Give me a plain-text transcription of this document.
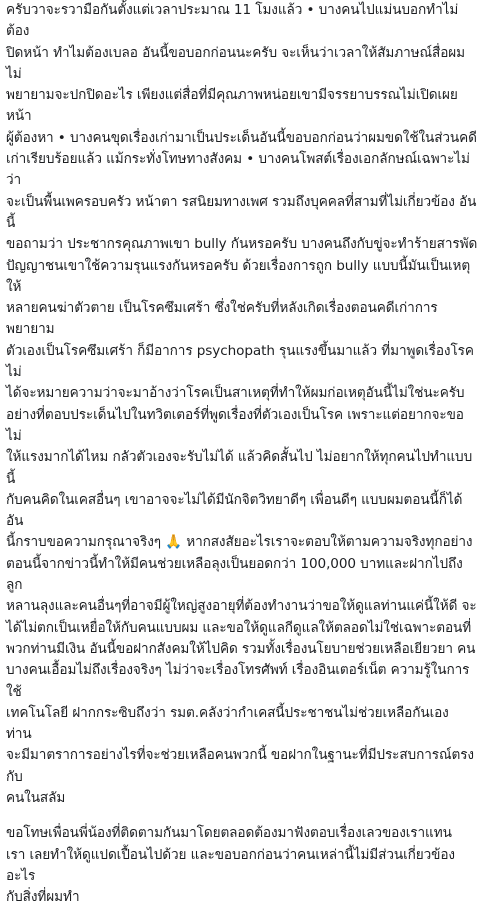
ครับวาจะรวามือกันตั้งแต่เวลาประมาณ 11 โมงแล้ว • บางคนไปแม่นบอกทำไม่ต้อง
ปิดหน้า ทำไมต้องเบลอ อันนี้ขอบอกก่อนนะครับ จะเห็นว่าเวลาให้สัมภาษณ์สื่อผมไม่
พยายามจะปกปิดอะไร เพียงแต่สื่อที่มีคุณภาพหน่อยเขามีจรรยาบรรณไม่เปิดเผยหน้า
ผู้ต้องหา • บางคนขุดเรื่องเก่ามาเป็นประเด็นอันนี้ขอบอกก่อนว่าผมขดใช้ในส่วนคดี
เก่าเรียบร้อยแล้ว แม้กระทั่งโทษทางสังคม • บางคนโพสต์เรื่องเอกลักษณ์เฉพาะไม่ว่า
จะเป็นพื้นเพครอบครัว หน้าตา รสนิยมทางเพศ รวมถึงบุคคลที่สามที่ไม่เกี่ยวข้อง อันนี้
ขอถามว่า ประชากรคุณภาพเขา bully กันหรอครับ บางคนถึงกับขู่จะทำร้ายสารพัด
ปัญญาชนเขาใช้ความรุนแรงกันหรอครับ ด้วยเรื่องการถูก bully แบบนี้มันเป็นเหตุให้
หลายคนฆ่าตัวตาย เป็นโรคซึมเศร้า ซึ่งใช่ครับที่หลังเกิดเรื่องตอนคดีเก่าการพยายาม
ตัวเองเป็นโรคซึมเศร้า ก็มีอาการ psychopath รุนแรงขึ้นมาแล้ว ที่มาพูดเรื่องโรคไม่
ได้จะหมายความว่าจะมาอ้างว่าโรคเป็นสาเหตุที่ทำให้ผมก่อเหตุอันนี้ไม่ใช่นะครับ
อย่างที่ตอบประเด็นไปในทวิตเตอร์ที่พูดเรื่องที่ตัวเองเป็นโรค เพราะแต่อยากจะขอไม่
ให้แรงมากได้ไหม กลัวตัวเองจะรับไม่ได้ แล้วคิดสั้นไป ไม่อยากให้ทุกคนไปทำแบบนี้
กับคนคิดในเคสอื่นๆ เขาอาจจะไม่ได้มีนักจิตวิทยาดีๆ เพื่อนดีๆ แบบผมตอนนี้ก็ได้ อัน
นี้กราบขอความกรุณาจริงๆ 🙏 หากสงสัยอะไรเราจะตอบให้ตามความจริงทุกอย่าง
ตอนนี้จากข่าวนี้ทำให้มีคนช่วยเหลือลุงเป็นยอดกว่า 100,000 บาทและฝากไปถึงลูก
หลานลุงและคนอื่นๆที่อาจมีผู้ใหญ่สูงอายุที่ต้องทำงานว่าขอให้ดูแลท่านแค่นี้ให้ดี จะ
ได้ไม่ตกเป็นเหยื่อให้กับคนแบบผม และขอให้ดูแลกีดูแลให้ตลอดไม่ใช่เฉพาะตอนที่
พวกท่านมีเงิน อันนี้ขอฝากสังคมให้ไปคิด รวมทั้งเรื่องนโยบายช่วยเหลือเยียวยา คน
บางคนเอื้อมไม่ถึงเรื่องจริงๆ ไม่ว่าจะเรื่องโทรศัพท์ เรื่องอินเตอร์เน็ต ความรู้ในการใช้
เทคโนโลยี ฝากกระซิบถึงว่า รมต.คลังว่ากำเคสนี้ประชาชนไม่ช่วยเหลือกันเอง ท่าน
จะมีมาตราการอย่างไรที่จะช่วยเหลือคนพวกนี้ ขอฝากในฐานะที่มีประสบการณ์ตรงกับ
คนในสลัม

ขอโทษเพื่อนพี่น้องที่ติดตามกันมาโดยตลอดต้องมาฟังตอบเรื่องเลวของเราแทน
เรา เลยทำให้ดูแปดเปื้อนไปด้วย และขอบอกก่อนว่าคนเหล่านี้ไม่มีส่วนเกี่ยวข้องอะไร
กับสิ่งที่ผมทำ
